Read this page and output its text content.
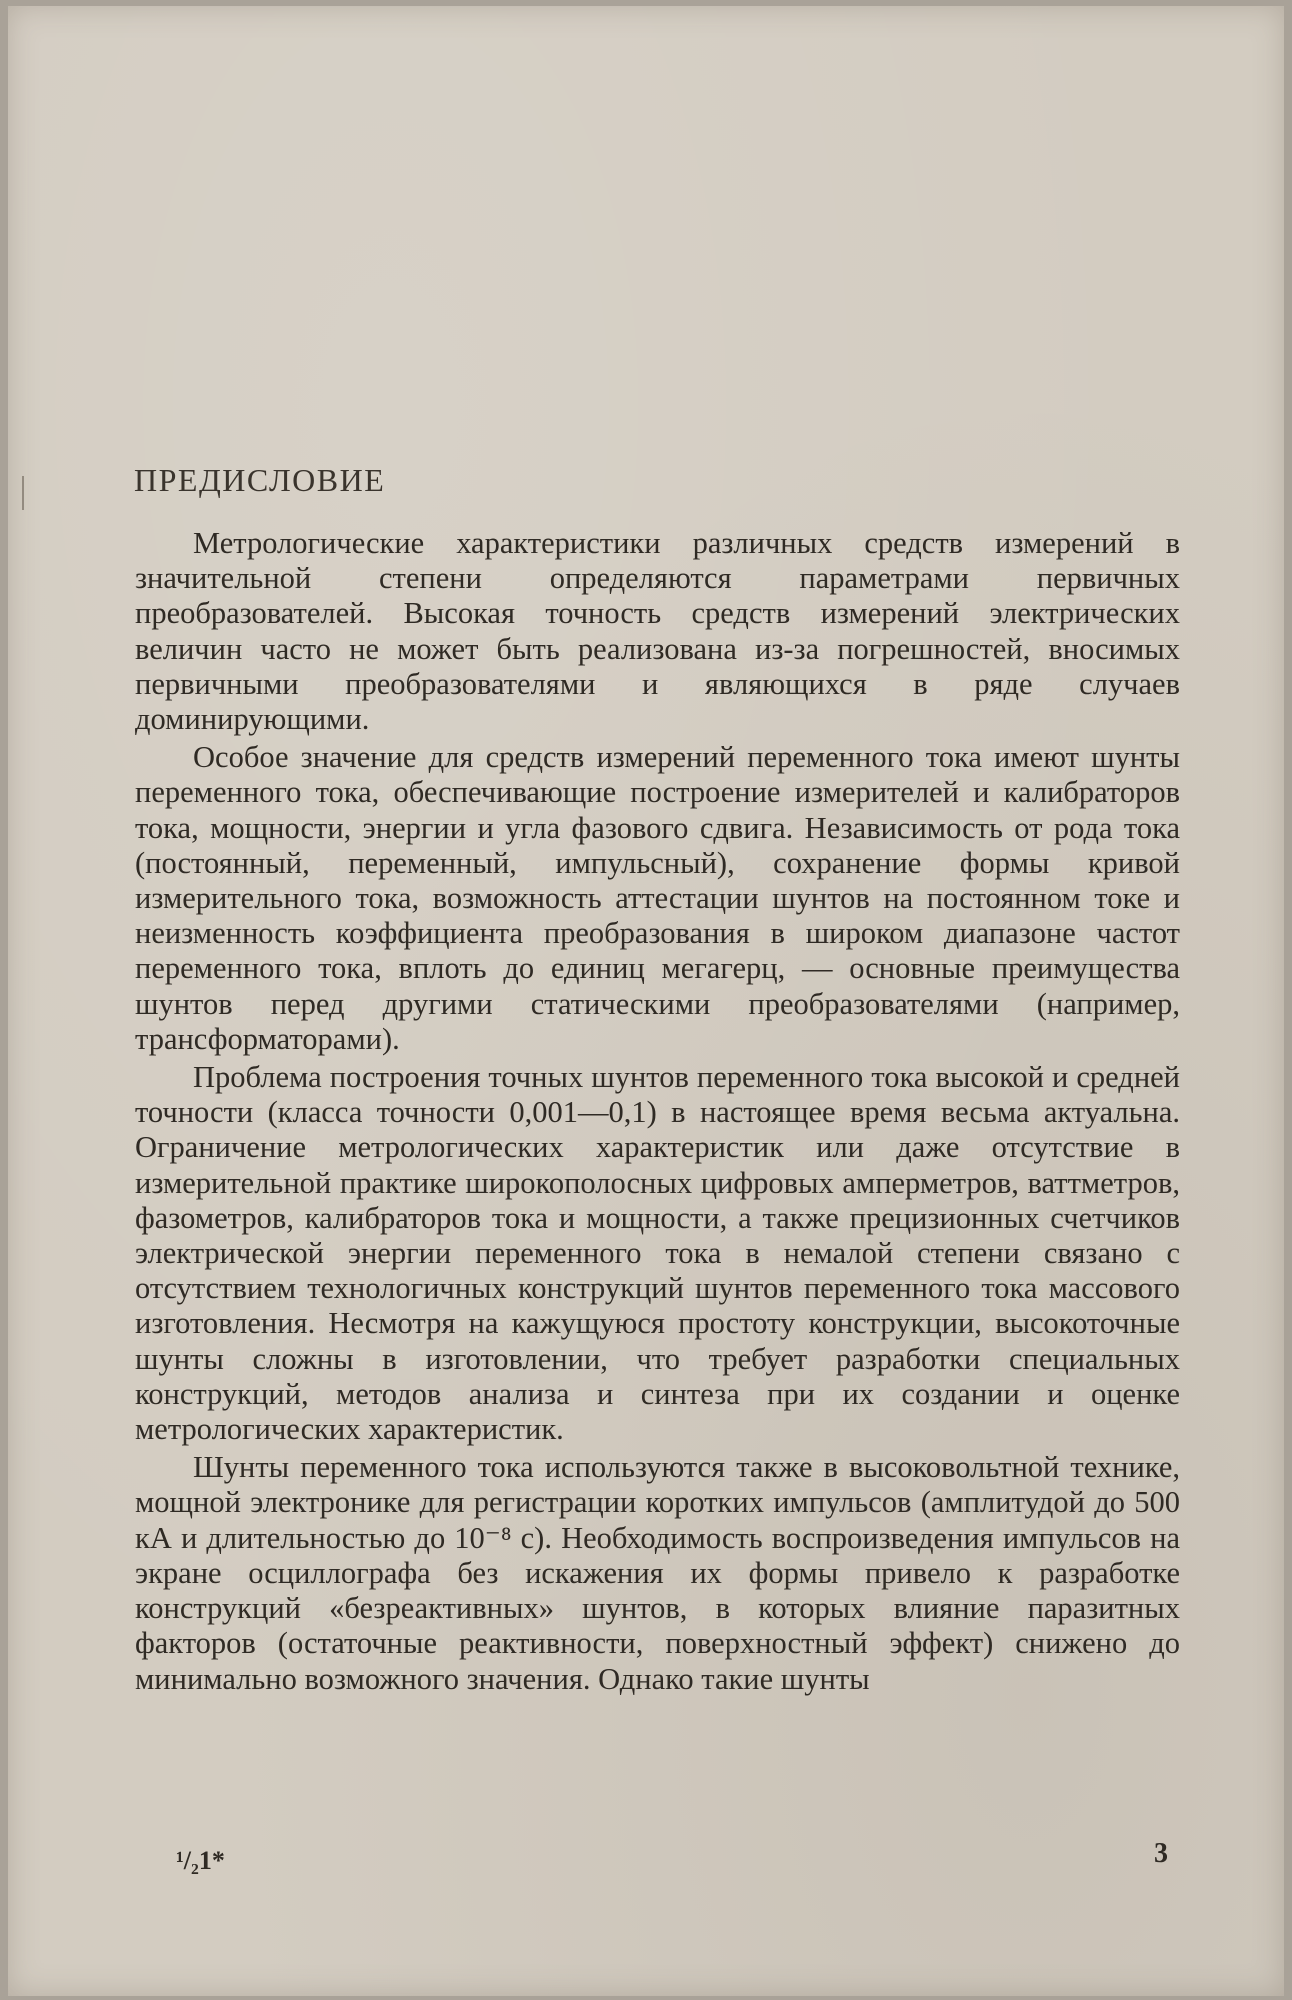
ПРЕДИСЛОВИЕ

Метрологические характеристики различных средств измерений в значительной степени определяются параметрами первичных преобразователей. Высокая точность средств измерений электрических величин часто не может быть реализована из-за погрешностей, вносимых первичными преобразователями и являющихся в ряде случаев доминирующими.

Особое значение для средств измерений переменного тока имеют шунты переменного тока, обеспечивающие построение измерителей и калибраторов тока, мощности, энергии и угла фазового сдвига. Независимость от рода тока (постоянный, переменный, импульсный), сохранение формы кривой измерительного тока, возможность аттестации шунтов на постоянном токе и неизменность коэффициента преобразования в широком диапазоне частот переменного тока, вплоть до единиц мегагерц, — основные преимущества шунтов перед другими статическими преобразователями (например, трансформаторами).

Проблема построения точных шунтов переменного тока высокой и средней точности (класса точности 0,001—0,1) в настоящее время весьма актуальна. Ограничение метрологических характеристик или даже отсутствие в измерительной практике широкополосных цифровых амперметров, ваттметров, фазометров, калибраторов тока и мощности, а также прецизионных счетчиков электрической энергии переменного тока в немалой степени связано с отсутствием технологичных конструкций шунтов переменного тока массового изготовления. Несмотря на кажущуюся простоту конструкции, высокоточные шунты сложны в изготовлении, что требует разработки специальных конструкций, методов анализа и синтеза при их создании и оценке метрологических характеристик.

Шунты переменного тока используются также в высоковольтной технике, мощной электронике для регистрации коротких импульсов (амплитудой до 500 кА и длительностью до 10⁻⁸ с). Необходимость воспроизведения импульсов на экране осциллографа без искажения их формы привело к разработке конструкций «безреактивных» шунтов, в которых влияние паразитных факторов (остаточные реактивности, поверхностный эффект) снижено до минимально возможного значения. Однако такие шунты

¹/₂1*	3
